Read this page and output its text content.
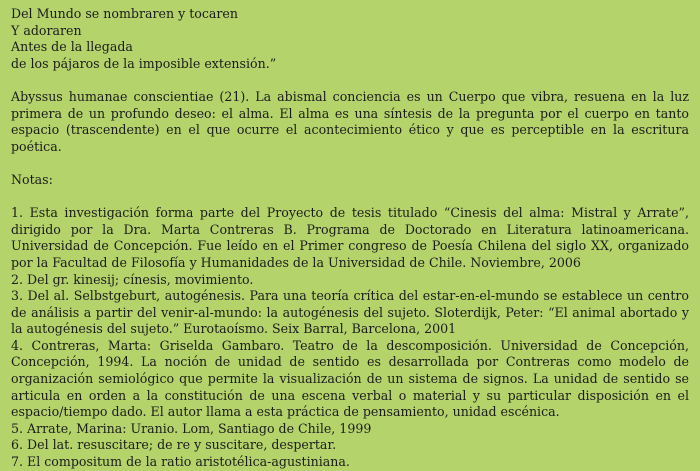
Del Mundo se nombraren y tocaren
Y adoraren
Antes de la llegada
de los pájaros de la imposible extensión.”
Abyssus humanae conscientiae (21). La abismal conciencia es un Cuerpo que vibra, resuena en la luz primera de un profundo deseo: el alma. El alma es una síntesis de la pregunta por el cuerpo en tanto espacio (trascendente) en el que ocurre el acontecimiento ético y que es perceptible en la escritura poética.
Notas:
1. Esta investigación forma parte del Proyecto de tesis titulado “Cinesis del alma: Mistral y Arrate”, dirigido por la Dra. Marta Contreras B. Programa de Doctorado en Literatura latinoamericana. Universidad de Concepción. Fue leído en el Primer congreso de Poesía Chilena del siglo XX, organizado por la Facultad de Filosofía y Humanidades de la Universidad de Chile. Noviembre, 2006
2. Del gr. kinesij; cínesis, movimiento.
3. Del al. Selbstgeburt, autogénesis. Para una teoría crítica del estar-en-el-mundo se establece un centro de análisis a partir del venir-al-mundo: la autogénesis del sujeto. Sloterdijk, Peter: “El animal abortado y la autogénesis del sujeto.” Eurotaoísmo. Seix Barral, Barcelona, 2001
4. Contreras, Marta: Griselda Gambaro. Teatro de la descomposición. Universidad de Concepción, Concepción, 1994. La noción de unidad de sentido es desarrollada por Contreras como modelo de organización semiológico que permite la visualización de un sistema de signos. La unidad de sentido se articula en orden a la constitución de una escena verbal o material y su particular disposición en el espacio/tiempo dado. El autor llama a esta práctica de pensamiento, unidad escénica.
5. Arrate, Marina: Uranio. Lom, Santiago de Chile, 1999
6. Del lat. resuscitare; de re y suscitare, despertar.
7. El compositum de la ratio aristotélica-agustiniana.
